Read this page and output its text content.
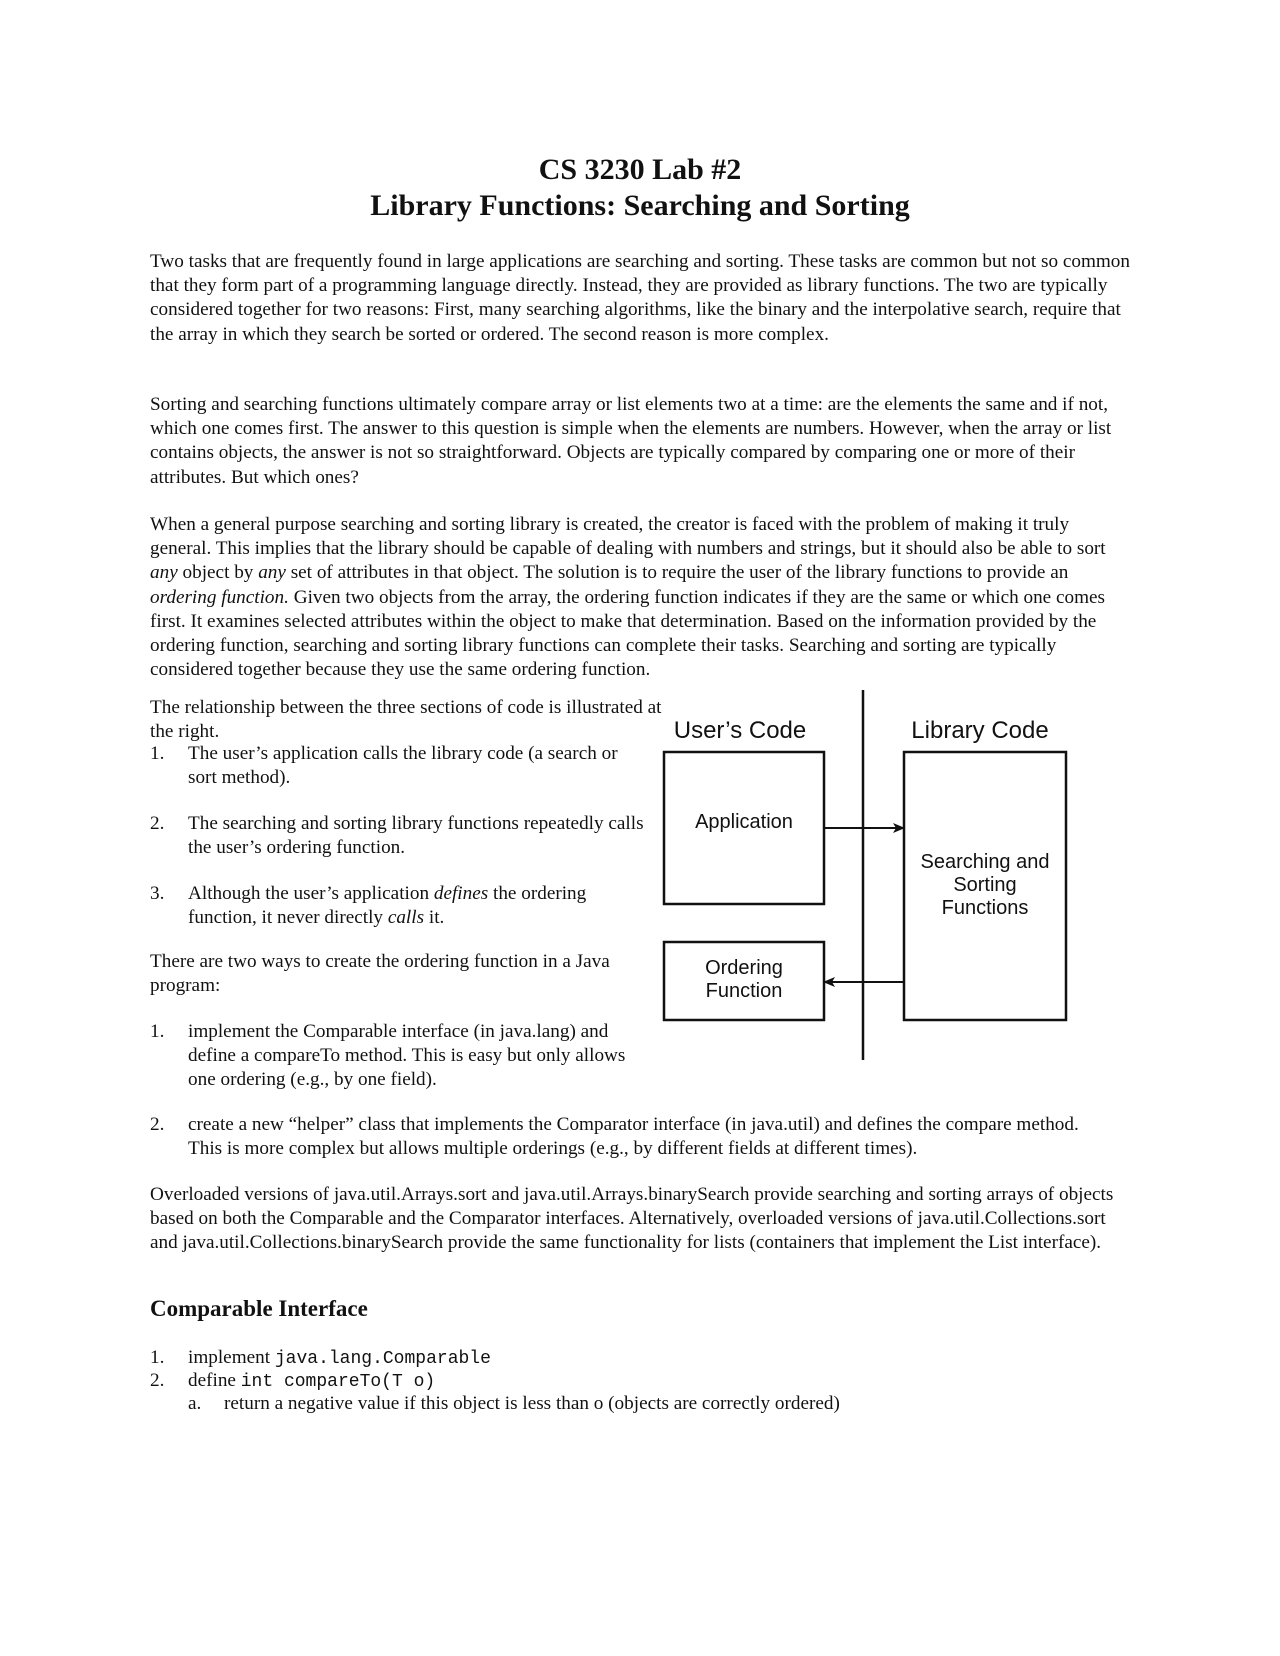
CS 3230 Lab #2
Library Functions: Searching and Sorting

Two tasks that are frequently found in large applications are searching and sorting. These tasks are common but not so common that they form part of a programming language directly. Instead, they are provided as library functions. The two are typically considered together for two reasons: First, many searching algorithms, like the binary and the interpolative search, require that the array in which they search be sorted or ordered. The second reason is more complex.

Sorting and searching functions ultimately compare array or list elements two at a time: are the elements the same and if not, which one comes first. The answer to this question is simple when the elements are numbers. However, when the array or list contains objects, the answer is not so straightforward. Objects are typically compared by comparing one or more of their attributes. But which ones?

When a general purpose searching and sorting library is created, the creator is faced with the problem of making it truly general. This implies that the library should be capable of dealing with numbers and strings, but it should also be able to sort any object by any set of attributes in that object. The solution is to require the user of the library functions to provide an ordering function. Given two objects from the array, the ordering function indicates if they are the same or which one comes first. It examines selected attributes within the object to make that determination. Based on the information provided by the ordering function, searching and sorting library functions can complete their tasks. Searching and sorting are typically considered together because they use the same ordering function.

The relationship between the three sections of code is illustrated at the right.
1. The user’s application calls the library code (a search or sort method).
2. The searching and sorting library functions repeatedly calls the user’s ordering function.
3. Although the user’s application defines the ordering function, it never directly calls it.
There are two ways to create the ordering function in a Java program:
1. implement the Comparable interface (in java.lang) and define a compareTo method. This is easy but only allows one ordering (e.g., by one field).
2. create a new “helper” class that implements the Comparator interface (in java.util) and defines the compare method. This is more complex but allows multiple orderings (e.g., by different fields at different times).

Overloaded versions of java.util.Arrays.sort and java.util.Arrays.binarySearch provide searching and sorting arrays of objects based on both the Comparable and the Comparator interfaces. Alternatively, overloaded versions of java.util.Collections.sort and java.util.Collections.binarySearch provide the same functionality for lists (containers that implement the List interface).

Comparable Interface
1. implement java.lang.Comparable
2. define int compareTo(T o)
a. return a negative value if this object is less than o (objects are correctly ordered)
User’s Code	Library Code
Application
Ordering
Function
Searching and
Sorting
Functions
